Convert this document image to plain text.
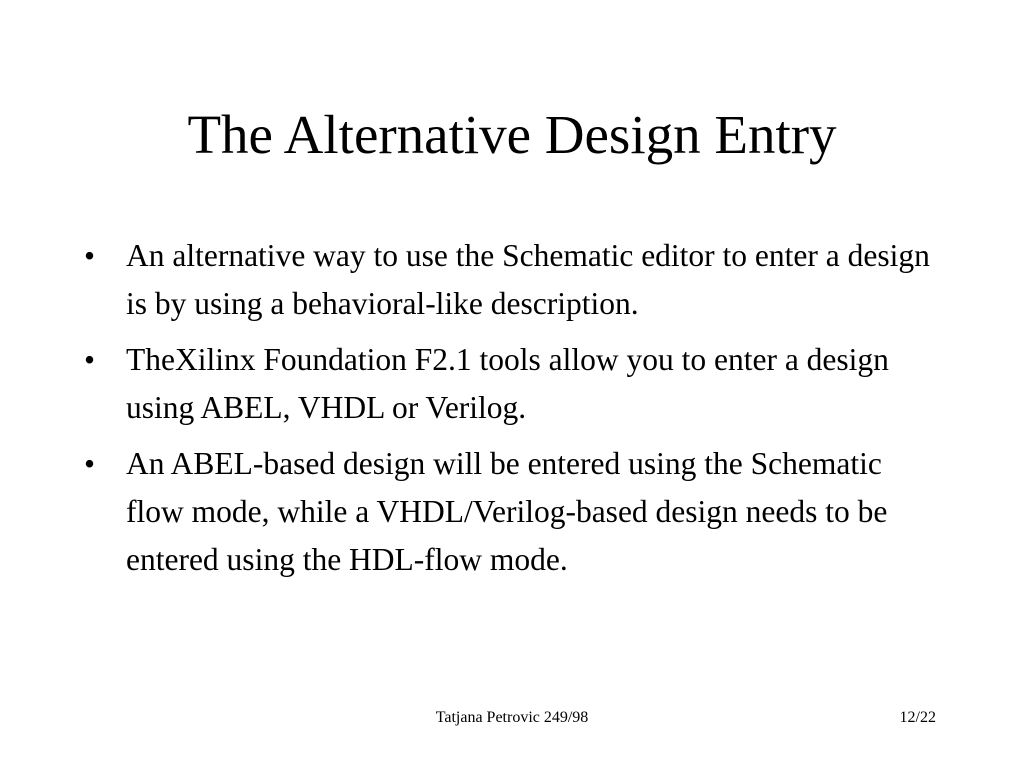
The Alternative Design Entry
• An alternative way to use the Schematic editor to enter a design is by using a behavioral-like description.
• TheXilinx Foundation F2.1 tools allow you to enter a design using ABEL, VHDL or Verilog.
• An ABEL-based design will be entered using the Schematic flow mode, while a VHDL/Verilog-based design needs to be entered using the HDL-flow mode.
Tatjana Petrovic 249/98	12/22
